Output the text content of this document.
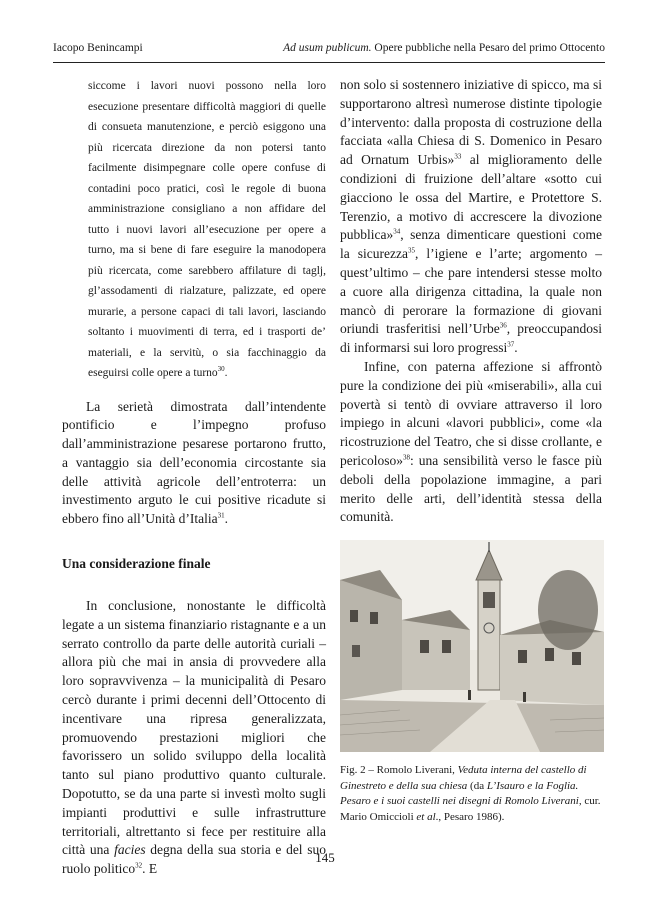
Iacopo Benincampi	Ad usum publicum. Opere pubbliche nella Pesaro del primo Ottocento

siccome i lavori nuovi possono nella loro esecuzione presentare difficoltà maggiori di quelle di consueta manutenzione, e perciò esiggono una più ricercata direzione da non potersi tanto facilmente disimpegnare colle opere confuse di contadini poco pratici, così le regole di buona amministrazione consigliano a non affidare del tutto i nuovi lavori all’esecuzione per opere a turno, ma si bene di fare eseguire la manodopera più ricercata, come sarebbero affilature di taglj, gl’assodamenti di rialzature, palizzate, ed opere murarie, a persone capaci di tali lavori, lasciando soltanto i muovimenti di terra, ed i trasporti de’ materiali, e la servitù, o sia facchinaggio da eseguirsi colle opere a turno$^{30}$.

La serietà dimostrata dall’intendente pontificio e l’impegno profuso dall’amministrazione pesarese portarono frutto, a vantaggio sia dell’economia circostante sia delle attività agricole dell’entroterra: un investimento arguto le cui positive ricadute si ebbero fino all’Unità d’Italia$^{31}$.

Una considerazione finale

In conclusione, nonostante le difficoltà legate a un sistema finanziario ristagnante e a un serrato controllo da parte delle autorità curiali – allora più che mai in ansia di provvedere alla loro sopravvivenza – la municipalità di Pesaro cercò durante i primi decenni dell’Ottocento di incentivare una ripresa generalizzata, promuovendo prestazioni migliori che favorissero un solido sviluppo della località tanto sul piano produttivo quanto culturale. Dopotutto, se da una parte si investì molto sugli impianti produttivi e sulle infrastrutture territoriali, altrettanto si fece per restituire alla città una facies degna della sua storia e del suo ruolo politico$^{32}$. E

non solo si sostennero iniziative di spicco, ma si supportarono altresì numerose distinte tipologie d’intervento: dalla proposta di costruzione della facciata «alla Chiesa di S. Domenico in Pesaro ad Ornatum Urbis»$^{33}$ al miglioramento delle condizioni di fruizione dell’altare «sotto cui giacciono le ossa del Martire, e Protettore S. Terenzio, a motivo di accrescere la divozione pubblica»$^{34}$, senza dimenticare questioni come la sicurezza$^{35}$, l’igiene e l’arte; argomento – quest’ultimo – che pare intendersi stesse molto a cuore alla dirigenza cittadina, la quale non mancò di perorare la formazione di giovani oriundi trasferitisi nell’Urbe$^{36}$, preoccupandosi di informarsi sui loro progressi$^{37}$.

Infine, con paterna affezione si affrontò pure la condizione dei più «miserabili», alla cui povertà si tentò di ovviare attraverso il loro impiego in alcuni «lavori pubblici», come «la ricostruzione del Teatro, che si disse crollante, e pericoloso»$^{38}$: una sensibilità verso le fasce più deboli della popolazione immagine, a pari merito delle arti, dell’identità stessa della comunità.

Fig. 2 – Romolo Liverani, Veduta interna del castello di Ginestreto e della sua chiesa (da L’Isauro e la Foglia. Pesaro e i suoi castelli nei disegni di Romolo Liverani, cur. Mario Omiccioli et al., Pesaro 1986).
145
